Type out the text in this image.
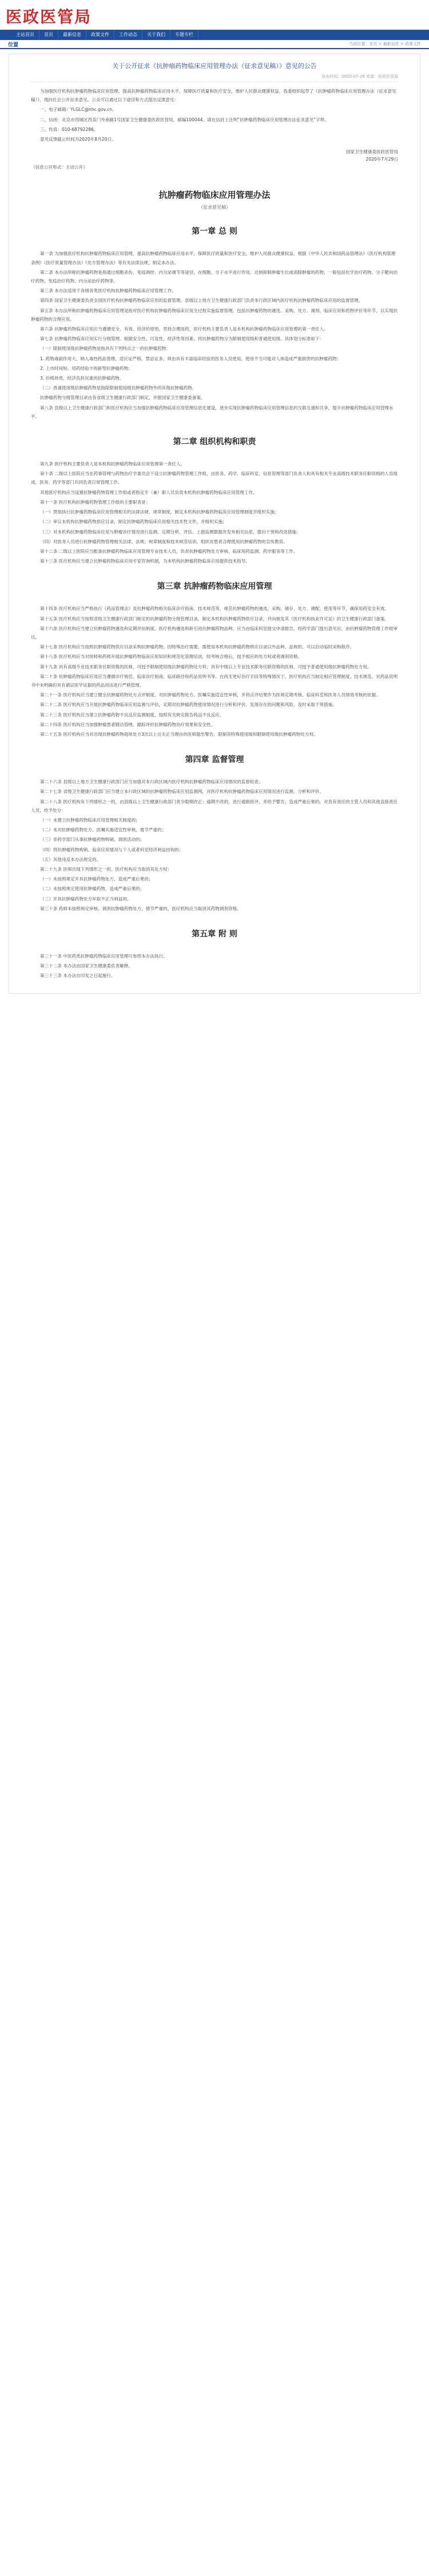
医政医管局
主站首页	首页	最新信息	政策文件	工作动态	关于我们	专题专栏
位置	当前位置：首页 > 最新信息 > 政策文件
关于公开征求《抗肿瘤药物临床应用管理办法（征求意见稿）》意见的公告
发布时间：2020-07-29 来源：医政医管局
为加强医疗机构抗肿瘤药物临床应用管理，提高抗肿瘤药物临床应用水平，保障医疗质量和医疗安全，维护人民群众健康权益，我委组织起草了《抗肿瘤药物临床应用管理办法（征求意见稿）》，现向社会公开征求意见。公众可以通过以下途径和方式提出反馈意见：
一、电子邮箱：YLGLC@nhc.gov.cn。
二、信函：北京市西城区西直门外南路1号国家卫生健康委医政医管局，邮编100044。请在信封上注明“抗肿瘤药物临床应用管理办法征求意见”字样。
三、传真：010-68792286。
意见反馈截止时间为2020年8月20日。
国家卫生健康委医政医管局
2020年7月29日
（信息公开形式：主动公开）
抗肿瘤药物临床应用管理办法
（征求意见稿）
第一章 总 则
第一条 为加强医疗机构抗肿瘤药物临床应用管理，提高抗肿瘤药物临床应用水平，保障医疗质量和医疗安全，维护人民群众健康权益，根据《中华人民共和国药品管理法》《医疗机构管理条例》《医疗质量管理办法》《处方管理办法》等有关法律法规，制定本办法。
第二条 本办法所称抗肿瘤药物是指通过细胞杀伤、免疫调控、内分泌调节等途径，在细胞、分子水平进行作用，达到抑制肿瘤生长或消除肿瘤的药物，一般包括化学治疗药物、分子靶向治疗药物、免疫治疗药物、内分泌治疗药物等。
第三条 本办法适用于各级各类医疗机构抗肿瘤药物临床应用管理工作。
第四条 国家卫生健康委负责全国医疗机构抗肿瘤药物临床应用的监督管理。县级以上地方卫生健康行政部门负责本行政区域内医疗机构抗肿瘤药物临床应用的监督管理。
第五条 本办法所称抗肿瘤药物临床应用管理是指对医疗机构抗肿瘤药物临床应用全过程实施监督管理，包括抗肿瘤药物的遴选、采购、处方、调剂、临床应用和药物评价等环节，以实现抗肿瘤药物的合理应用。
第六条 抗肿瘤药物临床应用应当遵循安全、有效、经济的原则，坚持合理用药，医疗机构主要负责人是本机构抗肿瘤药物临床应用管理的第一责任人。
第七条 抗肿瘤药物临床应用实行分级管理。根据安全性、可及性、经济性等因素，将抗肿瘤药物分为限制使用级和普通使用级。具体划分标准如下：
（一）限制使用级抗肿瘤药物是指具有下列特点之一的抗肿瘤药物：
1. 药物毒副作用大，纳入毒性药品管理，适应证严格，禁忌证多，须由具有丰富临床经验的医务人员使用，使用不当可能对人体造成严重损害的抗肿瘤药物；
2. 上市时间短、用药经验少的新型抗肿瘤药物；
3. 价格昂贵、经济负担沉重的抗肿瘤药物。
（二）普通使用级抗肿瘤药物是指除限制使用级抗肿瘤药物外的其他抗肿瘤药物。
抗肿瘤药物分级管理目录由各省级卫生健康行政部门制定，并报国家卫生健康委备案。
第八条 县级以上卫生健康行政部门和医疗机构应当加强抗肿瘤药物临床应用管理信息化建设，逐步实现抗肿瘤药物临床应用管理信息的互联互通和共享，提升抗肿瘤药物临床应用管理水平。
第二章 组织机构和职责
第九条 医疗机构主要负责人是本机构抗肿瘤药物临床应用管理第一责任人。
第十条 二级以上医院应当在药事管理与药物治疗学委员会下设立抗肿瘤药物管理工作组，由医务、药学、临床科室、信息管理等部门负责人和具有相关专业高级技术职务任职资格的人员组成，医务、药学等部门共同负责日常管理工作。
其他医疗机构应当设置抗肿瘤药物管理工作组或者指定专（兼）职人员负责本机构抗肿瘤药物临床应用管理工作。
第十一条 医疗机构抗肿瘤药物管理工作组的主要职责是：
（一）贯彻执行抗肿瘤药物临床应用管理相关的法律法规、规章制度，制定本机构抗肿瘤药物临床应用管理制度并组织实施；
（二）审议本机构抗肿瘤药物供应目录，制定抗肿瘤药物临床应用相关技术性文件，并组织实施；
（三）对本机构抗肿瘤药物临床应用与肿瘤诊疗情况进行监测，定期分析、评估、上报监测数据并发布相关信息，提出干预和改进措施；
（四）对医务人员进行抗肿瘤药物管理相关法律、法规、规章制度和技术规范培训，组织对患者合理使用抗肿瘤药物的宣传教育。
第十二条 二级以上医院应当配备抗肿瘤药物临床应用管理专业技术人员，负责抗肿瘤药物处方审核、临床用药监测、药学服务等工作。
第十三条 医疗机构应当建立抗肿瘤药物临床应用专家咨询机制，为本机构抗肿瘤药物临床应用提供技术指导。
第三章 抗肿瘤药物临床应用管理
第十四条 医疗机构应当严格执行《药品管理法》及抗肿瘤药物相关临床诊疗指南、技术规范等，规范抗肿瘤药物的遴选、采购、储存、处方、调配、使用等环节，确保用药安全有效。
第十五条 医疗机构应当按照省级卫生健康行政部门制定的抗肿瘤药物分级管理目录，制定本机构抗肿瘤药物供应目录，并向核发其《医疗机构执业许可证》的卫生健康行政部门备案。
第十六条 医疗机构应当建立抗肿瘤药物遴选和定期评估制度。医疗机构遴选和新引进抗肿瘤药物品种，应当由临床科室提交申请报告，经药学部门提出意见后，由抗肿瘤药物管理工作组审议。
第十七条 医疗机构应当按照抗肿瘤药物供应目录采购抗肿瘤药物。因特殊治疗需要，需使用本机构抗肿瘤药物供应目录以外品种、品规的，可以启动临时采购程序。
第十八条 医疗机构应当对医师和药师开展抗肿瘤药物临床应用知识和规范化管理培训，经考核合格后，授予相应的处方权或者调剂资格。
第十九条 具有高级专业技术职务任职资格的医师，可授予限制使用级抗肿瘤药物处方权；具有中级以上专业技术职务任职资格的医师，可授予普通使用级抗肿瘤药物处方权。
第二十条 抗肿瘤药物临床应用应当遵循诊疗规范、临床诊疗指南、临床路径和药品说明书等。在尚无更好治疗手段等特殊情况下，医疗机构应当制定相应管理制度、技术规范，对药品说明书中未明确但具有循证医学证据的药品用法进行严格管理。
第二十一条 医疗机构应当建立健全抗肿瘤药物处方点评制度，对抗肿瘤药物处方、医嘱实施适宜性审核，并将点评结果作为医师定期考核、临床科室和医务人员绩效考核的依据。
第二十二条 医疗机构应当开展抗肿瘤药物临床应用监测与评估，定期对抗肿瘤药物使用情况进行分析和评价，发现存在的问题和风险，及时采取干预措施。
第二十三条 医疗机构应当建立抗肿瘤药物不良反应监测制度，按照有关规定报告药品不良反应。
第二十四条 医疗机构应当加强肿瘤患者随访管理，跟踪评价抗肿瘤药物治疗效果和安全性。
第二十五条 医疗机构应当对出现抗肿瘤药物超常处方3次以上且无正当理由的医师提出警告，限制其特殊使用级和限制使用级抗肿瘤药物处方权。
第四章 监督管理
第二十六条 县级以上地方卫生健康行政部门应当加强对本行政区域内医疗机构抗肿瘤药物临床应用情况的监督检查。
第二十七条 省级卫生健康行政部门应当建立本行政区域的抗肿瘤药物临床应用监测网，对医疗机构抗肿瘤药物临床应用情况进行监测、分析和评价。
第二十八条 医疗机构有下列情形之一的，由县级以上卫生健康行政部门责令限期改正；逾期不改的，进行通报批评，并给予警告；造成严重后果的，对负有责任的主管人员和其他直接责任人员，给予处分：
（一）未建立抗肿瘤药物临床应用管理相关制度的；
（二）未对抗肿瘤药物处方、医嘱实施适宜性审核，情节严重的；
（三）非药学部门从事抗肿瘤药物购销、调剂活动的；
（四）将抗肿瘤药物购销、临床应用情况与个人或者科室经济利益挂钩的；
（五）其他违反本办法规定的。
第二十九条 医师出现下列情形之一的，医疗机构应当取消其处方权：
（一）未按照规定开具抗肿瘤药物处方，造成严重后果的；
（二）未按照规定使用抗肿瘤药物，造成严重后果的；
（三）开具抗肿瘤药物处方牟取不正当利益的。
第三十条 药师未按照规定审核、调剂抗肿瘤药物处方，情节严重的，医疗机构应当取消其药物调剂资格。
第五章 附 则
第三十一条 中医药类抗肿瘤药物临床应用管理可参照本办法执行。
第三十二条 本办法由国家卫生健康委负责解释。
第三十三条 本办法自印发之日起施行。
